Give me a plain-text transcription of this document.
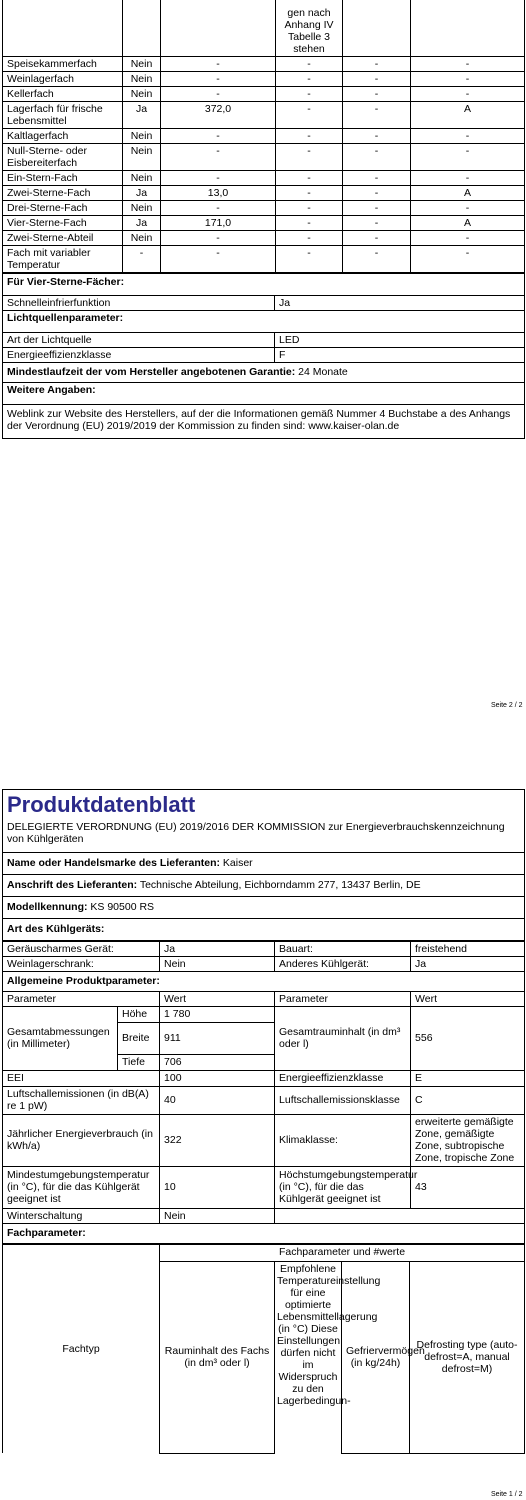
			gen nach Anhang IV Tabelle 3 stehen		
Speisekammerfach	Nein	-	-	-	-
Weinlagerfach	Nein	-	-	-	-
Kellerfach	Nein	-	-	-	-
Lagerfach für frische Lebensmittel	Ja	372,0	-	-	A
Kaltlagerfach	Nein	-	-	-	-
Null-Sterne- oder Eisbereiterfach	Nein	-	-	-	-
Ein-Stern-Fach	Nein	-	-	-	-
Zwei-Sterne-Fach	Ja	13,0	-	-	A
Drei-Sterne-Fach	Nein	-	-	-	-
Vier-Sterne-Fach	Ja	171,0	-	-	A
Zwei-Sterne-Abteil	Nein	-	-	-	-
Fach mit variabler Temperatur	-	-	-	-	-
Für Vier-Sterne-Fächer:	
Schnelleinfrierfunktion	Ja
Lichtquellenparameter:	
Art der Lichtquelle	LED
Energieeffizienzklasse	F
Mindestlaufzeit der vom Hersteller angebotenen Garantie: 24 Monate	
Weitere Angaben:	
Weblink zur Website des Herstellers, auf der die Informationen gemäß Nummer 4 Buchstabe a des Anhangs der Verordnung (EU) 2019/2019 der Kommission zu finden sind: www.kaiser-olan.de	
Seite 2 / 2
Produktdatenblatt
DELEGIERTE VERORDNUNG (EU) 2019/2016 DER KOMMISSION zur Energieverbrauchskennzeichnung von Kühlgeräten
Name oder Handelsmarke des Lieferanten: Kaiser
Anschrift des Lieferanten: Technische Abteilung, Eichborndamm 277, 13437 Berlin, DE
Modellkennung: KS 90500 RS
Art des Kühlgeräts:
Geräuscharmes Gerät:		Ja	Bauart:	freistehend
Weinlagerschrank:		Nein	Anderes Kühlgerät:	Ja
Allgemeine Produktparameter:				
Parameter		Wert	Parameter	Wert
Gesamtabmessungen (in Millimeter)	Höhe	1 780	Gesamtrauminhalt (in dm³ oder l)	556
	Breite	911		
	Tiefe	706		
EEI		100	Energieeffizienzklasse	E
Luftschallemissionen (in dB(A) re 1 pW)		40	Luftschallemissionsklasse	C
Jährlicher Energieverbrauch (in kWh/a)		322	Klimaklasse:	erweiterte gemäßigte Zone, gemäßigte Zone, subtropische Zone, tropische Zone
Mindestumgebungstemperatur (in °C), für die das Kühlgerät geeignet ist		10	Höchstumgebungstemperatur (in °C), für die das Kühlgerät geeignet ist	43
Winterschaltung		Nein		
Fachparameter:				
Fachtyp	Fachparameter und #werte			
	Rauminhalt des Fachs (in dm³ oder l)	Empfohlene Temperatureinstellung für eine optimierte Lebensmittellagerung (in °C) Diese Einstellungen dürfen nicht im Widerspruch zu den Lagerbedingun-	Gefriervermögen (in kg/24h)	Defrosting type (auto-defrost=A, manual defrost=M)
Seite 1 / 2
